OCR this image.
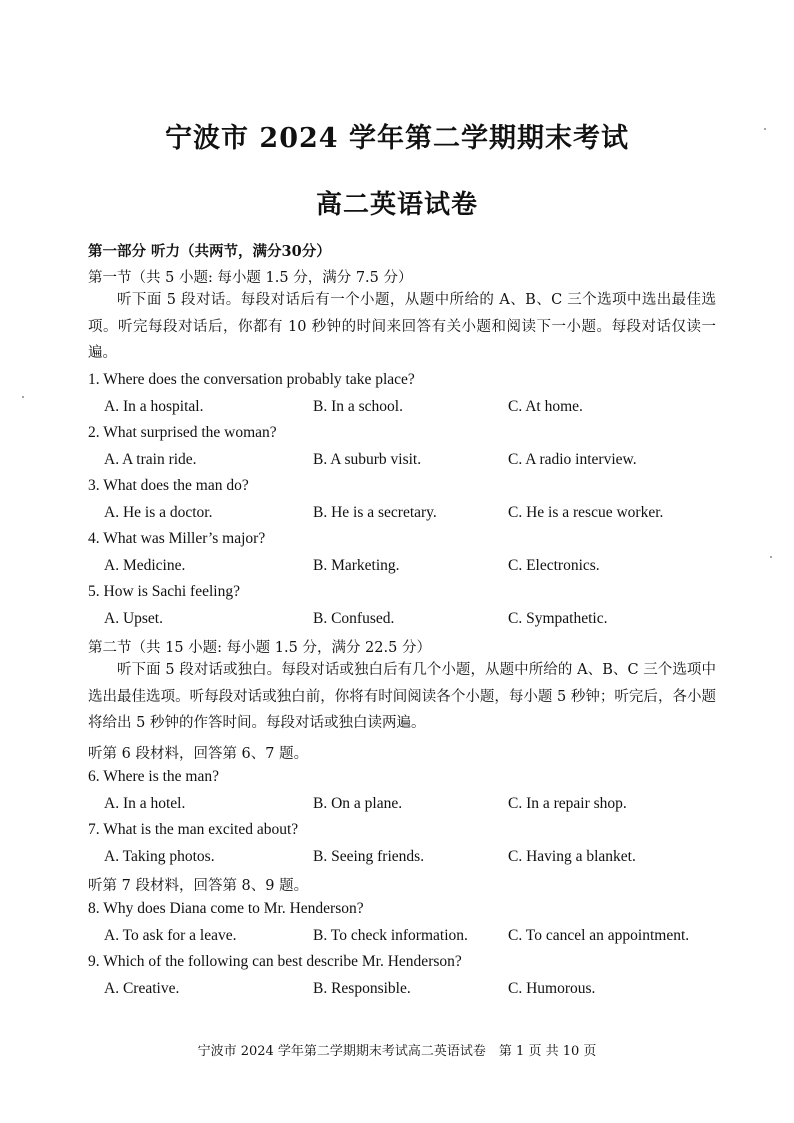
宁波市 2024 学年第二学期期末考试
高二英语试卷
第一部分 听力（共两节，满分30分）
第一节（共 5 小题: 每小题 1.5 分，满分 7.5 分）
听下面 5 段对话。每段对话后有一个小题，从题中所给的 A、B、C 三个选项中选出最佳选项。听完每段对话后，你都有 10 秒钟的时间来回答有关小题和阅读下一小题。每段对话仅读一遍。
1. Where does the conversation probably take place?
A. In a hospital.	B. In a school.	C. At home.
2. What surprised the woman?
A. A train ride.	B. A suburb visit.	C. A radio interview.
3. What does the man do?
A. He is a doctor.	B. He is a secretary.	C. He is a rescue worker.
4. What was Miller’s major?
A. Medicine.	B. Marketing.	C. Electronics.
5. How is Sachi feeling?
A. Upset.	B. Confused.	C. Sympathetic.
第二节（共 15 小题: 每小题 1.5 分，满分 22.5 分）
听下面 5 段对话或独白。每段对话或独白后有几个小题，从题中所给的 A、B、C 三个选项中选出最佳选项。听每段对话或独白前，你将有时间阅读各个小题，每小题 5 秒钟；听完后，各小题将给出 5 秒钟的作答时间。每段对话或独白读两遍。
听第 6 段材料，回答第 6、7 题。
6. Where is the man?
A. In a hotel.	B. On a plane.	C. In a repair shop.
7. What is the man excited about?
A. Taking photos.	B. Seeing friends.	C. Having a blanket.
听第 7 段材料，回答第 8、9 题。
8. Why does Diana come to Mr. Henderson?
A. To ask for a leave.	B. To check information.	C. To cancel an appointment.
9. Which of the following can best describe Mr. Henderson?
A. Creative.	B. Responsible.	C. Humorous.
宁波市 2024 学年第二学期期末考试高二英语试卷　第 1 页 共 10 页
